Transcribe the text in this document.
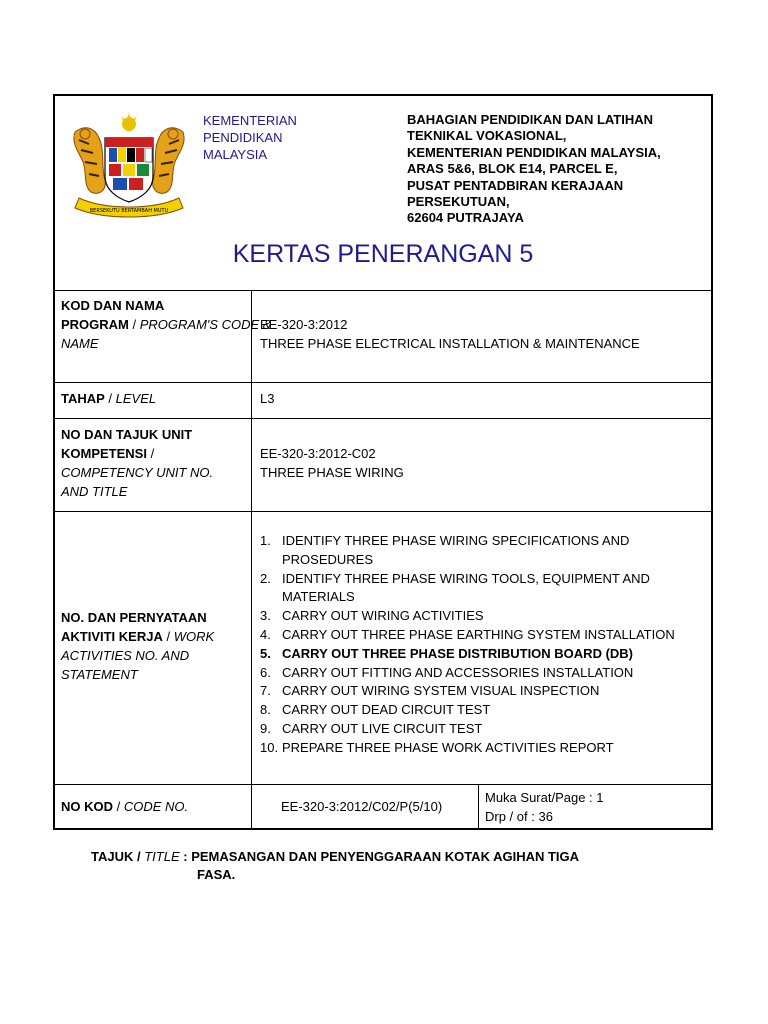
BERSEKUTU BERTAMBAH MUTU
KEMENTERIAN
PENDIDIKAN
MALAYSIA
BAHAGIAN PENDIDIKAN DAN LATIHAN
TEKNIKAL VOKASIONAL,
KEMENTERIAN PENDIDIKAN MALAYSIA,
ARAS 5&6, BLOK E14, PARCEL E,
PUSAT PENTADBIRAN KERAJAAN
PERSEKUTUAN,
62604 PUTRAJAYA
KERTAS PENERANGAN 5
KOD DAN NAMA
PROGRAM / PROGRAM'S CODE &
NAME
EE-320-3:2012
THREE PHASE ELECTRICAL INSTALLATION & MAINTENANCE
TAHAP / LEVEL	L3
NO DAN TAJUK UNIT
KOMPETENSI /
COMPETENCY UNIT NO.
AND TITLE
EE-320-3:2012-C02
THREE PHASE WIRING
NO. DAN PERNYATAAN
AKTIVITI KERJA / WORK
ACTIVITIES NO. AND
STATEMENT
1. IDENTIFY THREE PHASE WIRING SPECIFICATIONS AND
PROSEDURES
2. IDENTIFY THREE PHASE WIRING TOOLS, EQUIPMENT AND
MATERIALS
3. CARRY OUT WIRING ACTIVITIES
4. CARRY OUT THREE PHASE EARTHING SYSTEM INSTALLATION
5. CARRY OUT THREE PHASE DISTRIBUTION BOARD (DB)
6. CARRY OUT FITTING AND ACCESSORIES INSTALLATION
7. CARRY OUT WIRING SYSTEM VISUAL INSPECTION
8. CARRY OUT DEAD CIRCUIT TEST
9. CARRY OUT LIVE CIRCUIT TEST
10. PREPARE THREE PHASE WORK ACTIVITIES REPORT
NO KOD / CODE NO.	EE-320-3:2012/C02/P(5/10)
Muka Surat/Page : 1
Drp / of : 36
TAJUK / TITLE : PEMASANGAN DAN PENYENGGARAAN KOTAK AGIHAN TIGA
FASA.
